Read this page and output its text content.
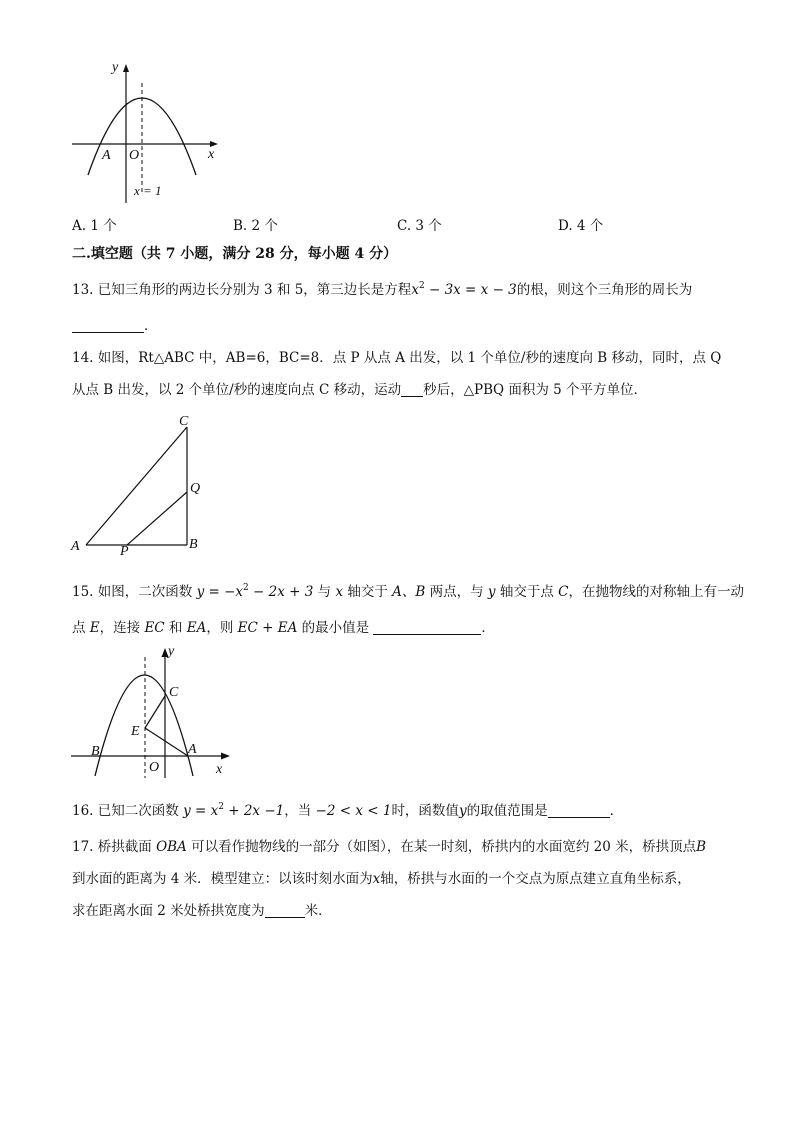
y
x
A O
x = 1
A. 1 个	B. 2 个	C. 3 个	D. 4 个
二.填空题（共 7 小题，满分 28 分，每小题 4 分）
13. 已知三角形的两边长分别为 3 和 5，第三边长是方程$x^2 - 3x = x - 3$的根，则这个三角形的周长为
．
14. 如图，Rt△ABC 中，AB=6，BC=8．点 P 从点 A 出发，以 1 个单位/秒的速度向 B 移动，同时，点 Q
从点 B 出发，以 2 个单位/秒的速度向点 C 移动，运动 秒后，△PBQ 面积为 5 个平方单位．
C
Q
A	P	B
15. 如图，二次函数 $y = -x^2 - 2x + 3$ 与 x 轴交于 A、B 两点，与 y 轴交于点 C，在抛物线的对称轴上有一动
点 E，连接 EC 和 EA，则 EC + EA 的最小值是	．
y
x
C
E
B	A
O
16. 已知二次函数 $y = x^2 + 2x -1$，当 −2 < x < 1时，函数值y的取值范围是	．
17. 桥拱截面 OBA 可以看作抛物线的一部分（如图），在某一时刻，桥拱内的水面宽约 20 米，桥拱顶点B
到水面的距离为 4 米．模型建立：以该时刻水面为x轴，桥拱与水面的一个交点为原点建立直角坐标系，
求在距离水面 2 米处桥拱宽度为	米．
